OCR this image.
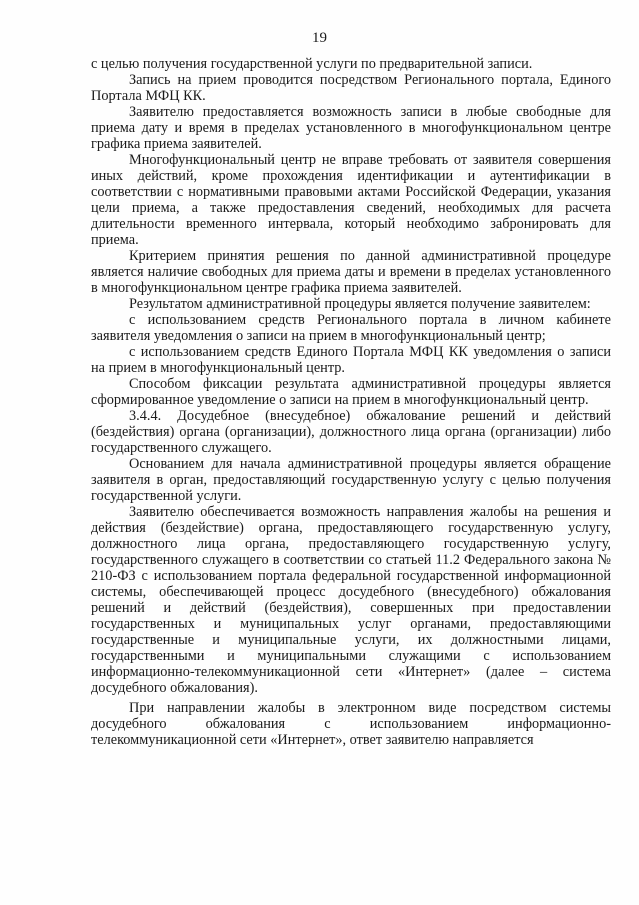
19

с целью получения государственной услуги по предварительной записи.

Запись на прием проводится посредством Регионального портала, Единого Портала МФЦ КК.

Заявителю предоставляется возможность записи в любые свободные для приема дату и время в пределах установленного в многофункциональном центре графика приема заявителей.

Многофункциональный центр не вправе требовать от заявителя совершения иных действий, кроме прохождения идентификации и аутентификации в соответствии с нормативными правовыми актами Российской Федерации, указания цели приема, а также предоставления сведений, необходимых для расчета длительности временного интервала, который необходимо забронировать для приема.

Критерием принятия решения по данной административной процедуре является наличие свободных для приема даты и времени в пределах установленного в многофункциональном центре графика приема заявителей.

Результатом административной процедуры является получение заявителем:

с использованием средств Регионального портала в личном кабинете заявителя уведомления о записи на прием в многофункциональный центр;

с использованием средств Единого Портала МФЦ КК уведомления о записи на прием в многофункциональный центр.

Способом фиксации результата административной процедуры является сформированное уведомление о записи на прием в многофункциональный центр.

3.4.4. Досудебное (внесудебное) обжалование решений и действий (бездействия) органа (организации), должностного лица органа (организации) либо государственного служащего.

Основанием для начала административной процедуры является обращение заявителя в орган, предоставляющий государственную услугу с целью получения государственной услуги.

Заявителю обеспечивается возможность направления жалобы на решения и действия (бездействие) органа, предоставляющего государственную услугу, должностного лица органа, предоставляющего государственную услугу, государственного служащего в соответствии со статьей 11.2 Федерального закона № 210-ФЗ с использованием портала федеральной государственной информационной системы, обеспечивающей процесс досудебного (внесудебного) обжалования решений и действий (бездействия), совершенных при предоставлении государственных и муниципальных услуг органами, предоставляющими государственные и муниципальные услуги, их должностными лицами, государственными и муниципальными служащими с использованием информационно-телекоммуникационной сети «Интернет» (далее – система досудебного обжалования).

При направлении жалобы в электронном виде посредством системы досудебного обжалования с использованием информационно-телекоммуникационной сети «Интернет», ответ заявителю направляется
